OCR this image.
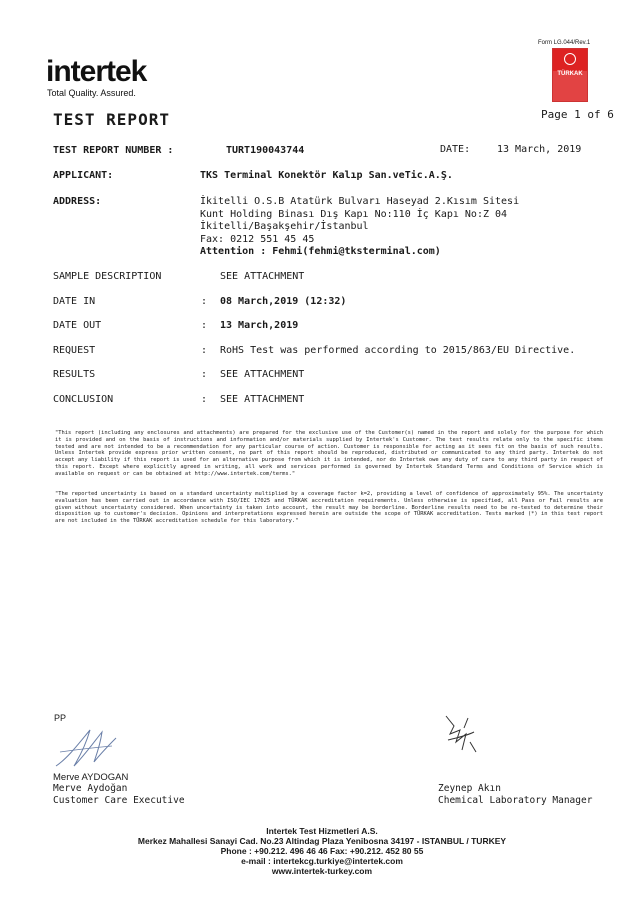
intertek
Total Quality. Assured.
Form LG.044/Rev.1
TÜRKAK
TEST REPORT	Page 1 of 6
TEST REPORT NUMBER :	TURT190043744	DATE:	13 March, 2019
APPLICANT:	TKS Terminal Konektör Kalıp San.veTic.A.Ş.
ADDRESS:	İkitelli O.S.B Atatürk Bulvarı Haseyad 2.Kısım Sitesi
Kunt Holding Binası Dış Kapı No:110 İç Kapı No:Z 04
İkitelli/Başakşehir/İstanbul
Fax: 0212 551 45 45
Attention : Fehmi(fehmi@tksterminal.com)
SAMPLE DESCRIPTION	SEE ATTACHMENT
DATE IN	: 08 March,2019 (12:32)
DATE OUT	: 13 March,2019
REQUEST	: RoHS Test was performed according to 2015/863/EU Directive.
RESULTS	: SEE ATTACHMENT
CONCLUSION	: SEE ATTACHMENT
"This report (including any enclosures and attachments) are prepared for the exclusive use of the Customer(s) named in the report and solely for the purpose for which it is provided and on the basis of instructions and information and/or materials supplied by Intertek's Customer. The test results relate only to the specific items tested and are not intended to be a recommendation for any particular course of action. Customer is responsible for acting as it sees fit on the basis of such results. Unless Intertek provide express prior written consent, no part of this report should be reproduced, distributed or communicated to any third party. Intertek do not accept any liability if this report is used for an alternative purpose from which it is intended, nor do Intertek owe any duty of care to any third party in respect of this report. Except where explicitly agreed in writing, all work and services performed is governed by Intertek Standard Terms and Conditions of Service which is available on request or can be obtained at http://www.intertek.com/terms."
"The reported uncertainty is based on a standard uncertainty multiplied by a coverage factor k=2, providing a level of confidence of approximately 95%. The uncertainty evaluation has been carried out in accordance with ISO/IEC 17025 and TÜRKAK accreditation requirements. Unless otherwise is specified, all Pass or Fail results are given without uncertainty considered. When uncertainty is taken into account, the result may be borderline. Borderline results need to be re-tested to determine their disposition up to customer's decision. Opinions and interpretations expressed herein are outside the scope of TÜRKAK accreditation. Tests marked (*) in this test report are not included in the TÜRKAK accreditation schedule for this laboratory."
PP
Merve AYDOGAN
Merve Aydoğan
Customer Care Executive
Zeynep Akın
Chemical Laboratory Manager
Intertek Test Hizmetleri A.S.
Merkez Mahallesi Sanayi Cad. No.23 Altindag Plaza Yenibosna 34197 - ISTANBUL / TURKEY
Phone : +90.212. 496 46 46 Fax: +90.212. 452 80 55
e-mail : intertekcg.turkiye@intertek.com
www.intertek-turkey.com
